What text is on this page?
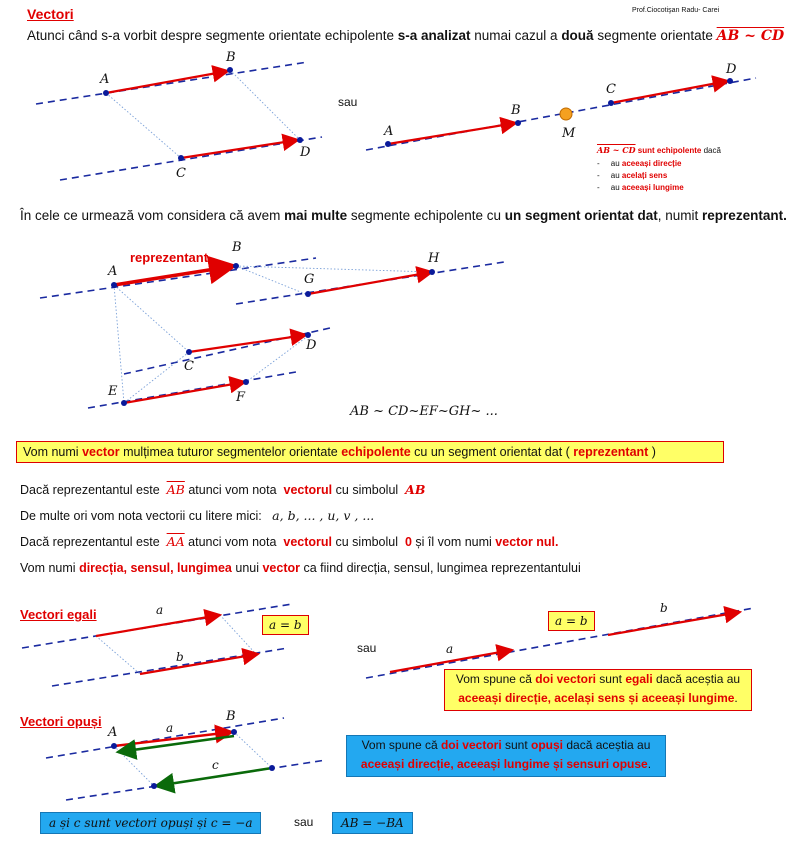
Vectori	Prof.Ciocotişan Radu- Carei
Atunci când s-a vorbit despre segmente orientate echipolente s-a analizat numai cazul a două segmente orientate AB ~ CD
A
B
C
D
sau
A
B
C
D
M
AB ~ CD sunt echipolente dacă
-     au aceeași direcție
-     au acelați sens
-     au aceeași lungime
În cele ce urmează vom considera că avem mai multe segmente echipolente cu un segment orientat dat, numit reprezentant.
reprezentant
A
B
G
H
C
D
E	F
AB ~ CD~EF~GH~ ...
Vom numi vector mulțimea tuturor segmentelor orientate echipolente cu un segment orientat dat ( reprezentant )
Dacă reprezentantul este  $\overline{AB}$ atunci vom nota  vectorul cu simbolul  AB
De multe ori vom nota vectorii cu litere mici: a, b, ... , u, v , ...
Dacă reprezentantul este  $\overline{AA}$ atunci vom nota  vectorul cu simbolul  0 și îl vom numi vector nul.
Vom numi direcția, sensul, lungimea unui vector ca fiind direcția, sensul, lungimea reprezentantului
Vectori egali	a
b
a = b
sau	a
b
a = b
Vom spune că doi vectori sunt egali dacă aceștia au
aceeași direcție, același sens și aceeași lungime.
Vectori opuși
A
B
a
c
Vom spune că doi vectori sunt opuși dacă aceștia au
aceeași direcție, aceeași lungime și sensuri opuse.
a și c sunt vectori opuși și c = −a	sau	AB = −BA
